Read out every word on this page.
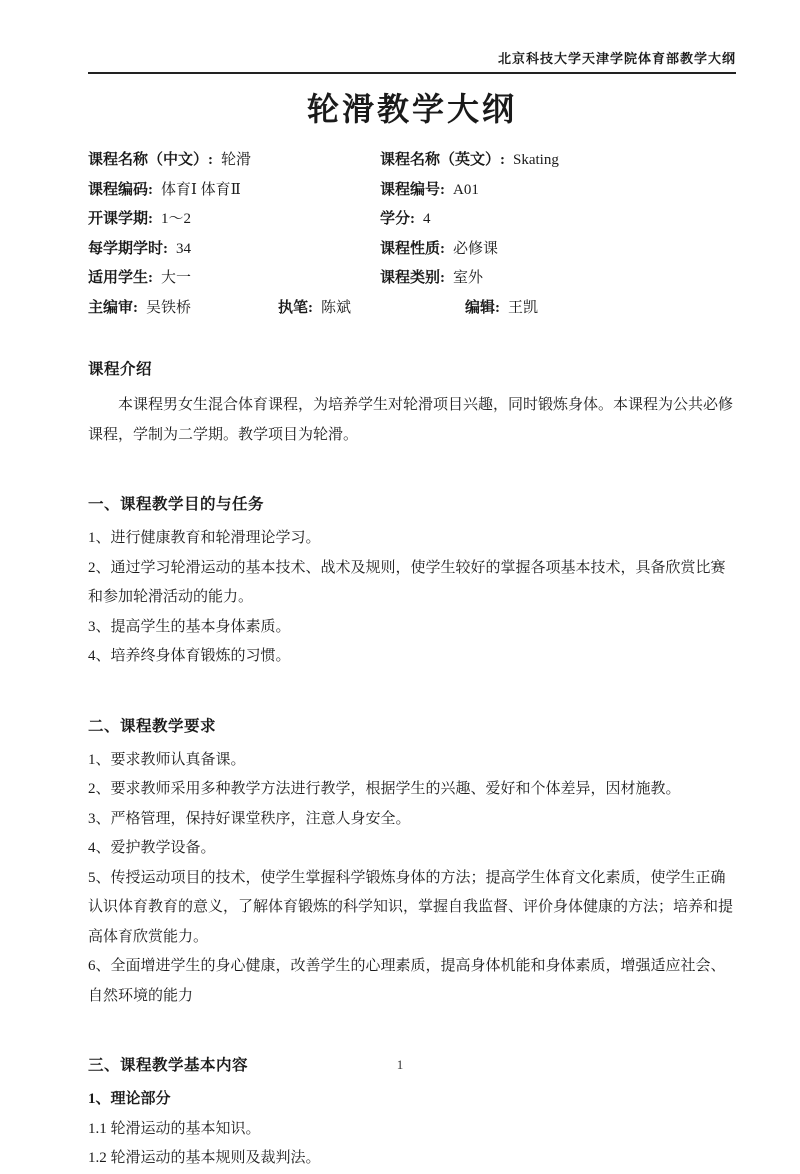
北京科技大学天津学院体育部教学大纲
轮滑教学大纲
课程名称（中文）: 轮滑	课程名称（英文）: Skating
课程编码: 体育Ⅰ 体育Ⅱ	课程编号: A01
开课学期: 1～2	学分: 4
每学期学时: 34	课程性质: 必修课
适用学生: 大一	课程类别: 室外
主编审: 吴铁桥	执笔: 陈斌	编辑: 王凯
课程介绍

本课程男女生混合体育课程，为培养学生对轮滑项目兴趣，同时锻炼身体。本课程为公共必修课程，学制为二学期。教学项目为轮滑。

一、课程教学目的与任务

1、进行健康教育和轮滑理论学习。

2、通过学习轮滑运动的基本技术、战术及规则，使学生较好的掌握各项基本技术，具备欣赏比赛和参加轮滑活动的能力。

3、提高学生的基本身体素质。

4、培养终身体育锻炼的习惯。

二、课程教学要求

1、要求教师认真备课。

2、要求教师采用多种教学方法进行教学，根据学生的兴趣、爱好和个体差异，因材施教。

3、严格管理，保持好课堂秩序，注意人身安全。

4、爱护教学设备。

5、传授运动项目的技术，使学生掌握科学锻炼身体的方法；提高学生体育文化素质，使学生正确认识体育教育的意义，了解体育锻炼的科学知识，掌握自我监督、评价身体健康的方法；培养和提高体育欣赏能力。

6、全面增进学生的身心健康，改善学生的心理素质，提高身体机能和身体素质，增强适应社会、自然环境的能力

三、课程教学基本内容
1、理论部分

1.1 轮滑运动的基本知识。

1.2 轮滑运动的基本规则及裁判法。

1
